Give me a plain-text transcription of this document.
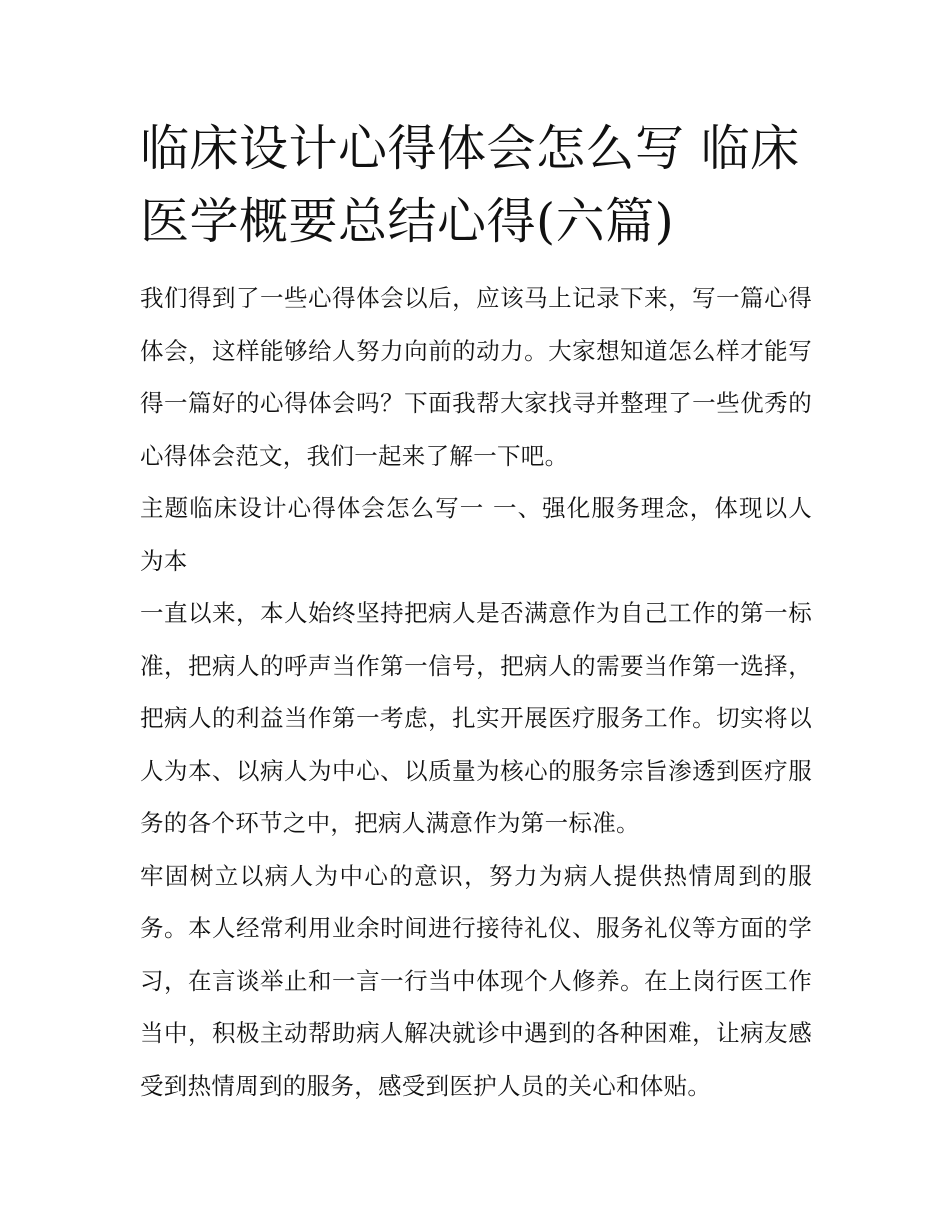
临床设计心得体会怎么写 临床医学概要总结心得(六篇)

我们得到了一些心得体会以后，应该马上记录下来，写一篇心得体会，这样能够给人努力向前的动力。大家想知道怎么样才能写得一篇好的心得体会吗？下面我帮大家找寻并整理了一些优秀的心得体会范文，我们一起来了解一下吧。

主题临床设计心得体会怎么写一 一、强化服务理念，体现以人为本

一直以来，本人始终坚持把病人是否满意作为自己工作的第一标准，把病人的呼声当作第一信号，把病人的需要当作第一选择，把病人的利益当作第一考虑，扎实开展医疗服务工作。切实将以人为本、以病人为中心、以质量为核心的服务宗旨渗透到医疗服务的各个环节之中，把病人满意作为第一标准。

牢固树立以病人为中心的意识，努力为病人提供热情周到的服务。本人经常利用业余时间进行接待礼仪、服务礼仪等方面的学习，在言谈举止和一言一行当中体现个人修养。在上岗行医工作当中，积极主动帮助病人解决就诊中遇到的各种困难，让病友感受到热情周到的服务，感受到医护人员的关心和体贴。
